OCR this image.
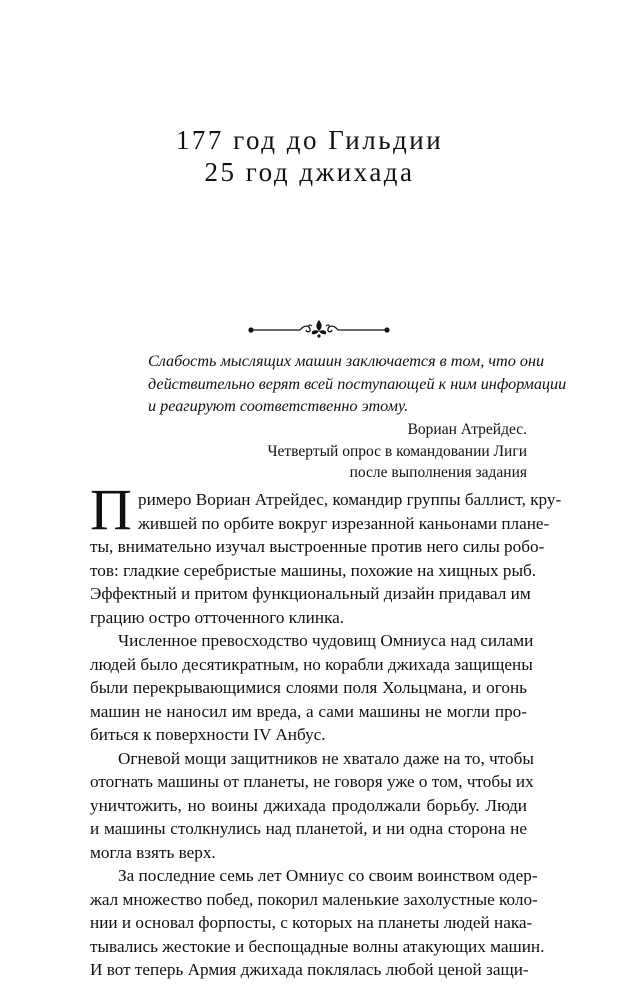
177 год до Гильдии
25 год джихада
Слабость мыслящих машин заключается в том, что они
действительно верят всей поступающей к ним информации
и реагируют соответственно этому.
Вориан Атрейдес.
Четвертый опрос в командовании Лиги
после выполнения задания
П римеро Вориан Атрейдес, командир группы баллист, кру-
жившей по орбите вокруг изрезанной каньонами плане-
ты, внимательно изучал выстроенные против него силы робо-
тов: гладкие серебристые машины, похожие на хищных рыб.
Эффектный и притом функциональный дизайн придавал им
грацию остро отточенного клинка.
Численное превосходство чудовищ Омниуса над силами
людей было десятикратным, но корабли джихада защищены
были перекрывающимися слоями поля Хольцмана, и огонь
машин не наносил им вреда, а сами машины не могли про-
биться к поверхности IV Анбус.
Огневой мощи защитников не хватало даже на то, чтобы
отогнать машины от планеты, не говоря уже о том, чтобы их
уничтожить, но воины джихада продолжали борьбу. Люди
и машины столкнулись над планетой, и ни одна сторона не
могла взять верх.
За последние семь лет Омниус со своим воинством одер-
жал множество побед, покорил маленькие захолустные коло-
нии и основал форпосты, с которых на планеты людей нака-
тывались жестокие и беспощадные волны атакующих машин.
И вот теперь Армия джихада поклялась любой ценой защи-
